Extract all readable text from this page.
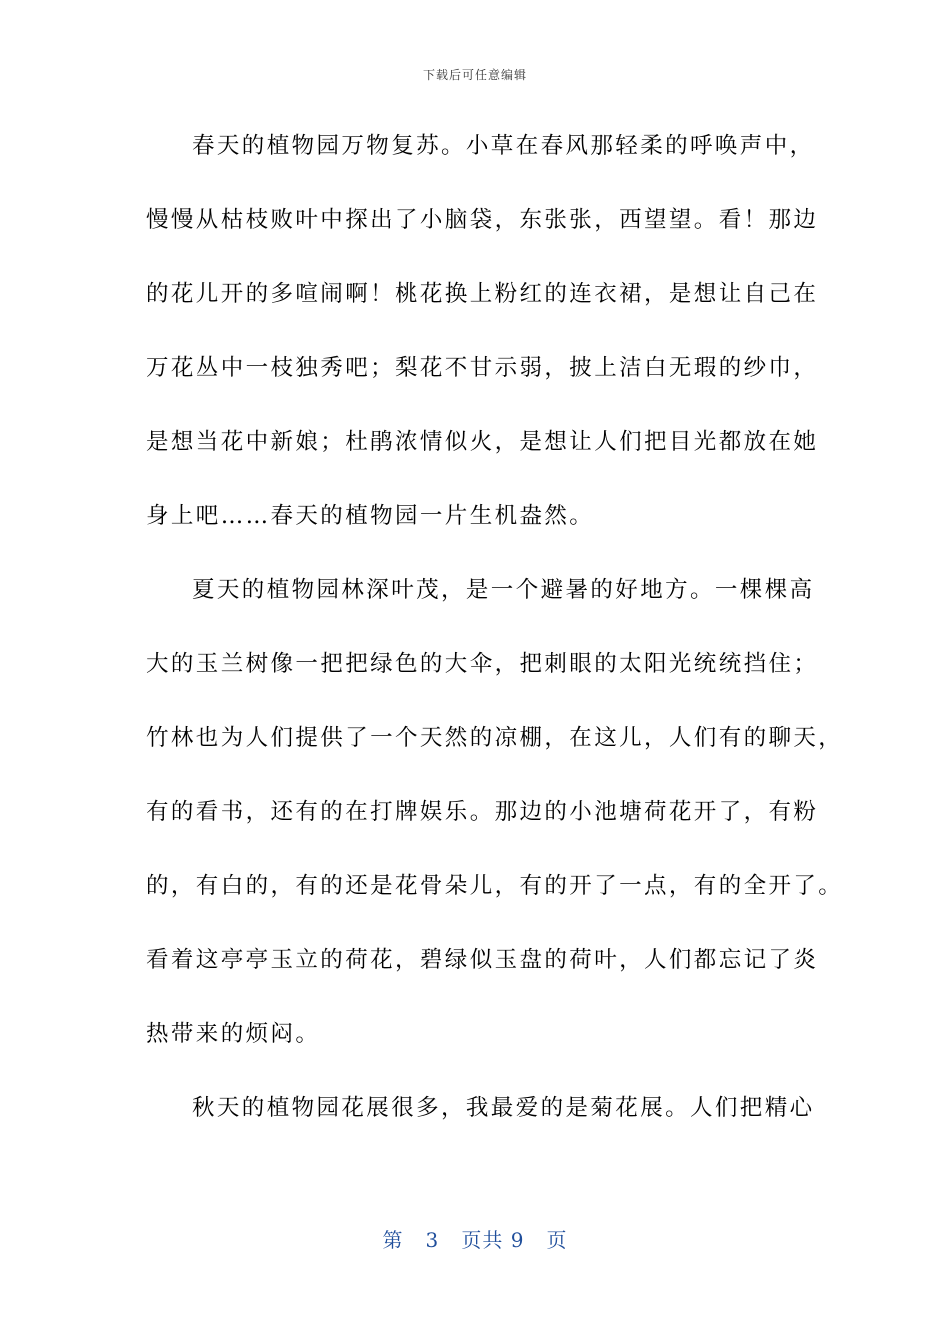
下载后可任意编辑
春天的植物园万物复苏。小草在春风那轻柔的呼唤声中，
慢慢从枯枝败叶中探出了小脑袋，东张张，西望望。看！那边
的花儿开的多喧闹啊！桃花换上粉红的连衣裙，是想让自己在
万花丛中一枝独秀吧；梨花不甘示弱，披上洁白无瑕的纱巾，
是想当花中新娘；杜鹃浓情似火，是想让人们把目光都放在她
身上吧……春天的植物园一片生机盎然。
夏天的植物园林深叶茂，是一个避暑的好地方。一棵棵高
大的玉兰树像一把把绿色的大伞，把刺眼的太阳光统统挡住；
竹林也为人们提供了一个天然的凉棚，在这儿，人们有的聊天，
有的看书，还有的在打牌娱乐。那边的小池塘荷花开了，有粉
的，有白的，有的还是花骨朵儿，有的开了一点，有的全开了。
看着这亭亭玉立的荷花，碧绿似玉盘的荷叶，人们都忘记了炎
热带来的烦闷。
秋天的植物园花展很多，我最爱的是菊花展。人们把精心
第 3 页共 9 页
